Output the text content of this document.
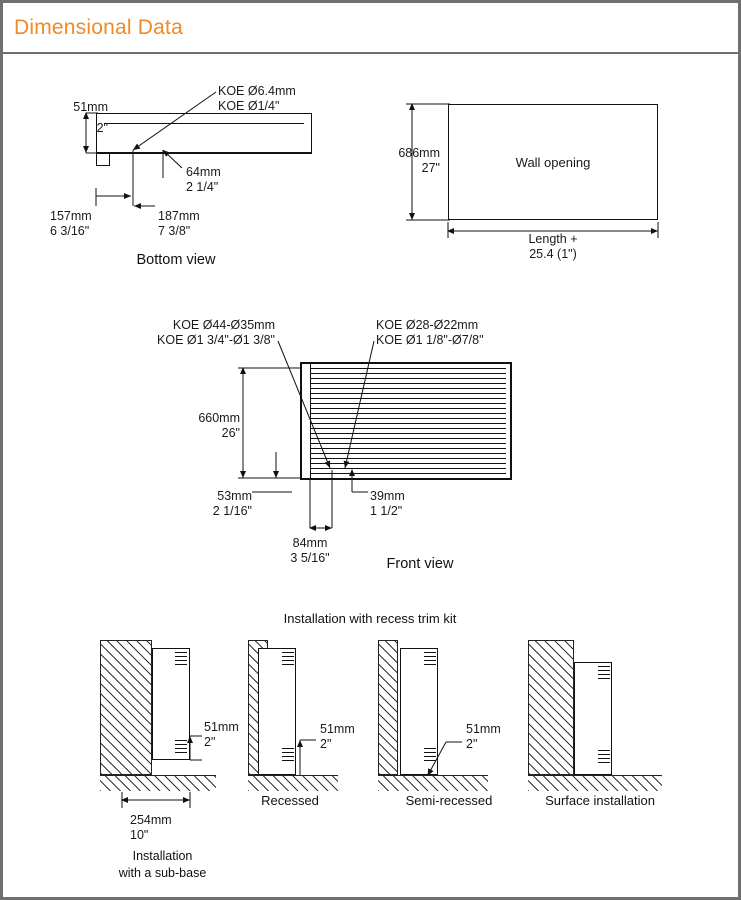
Dimensional Data
51mm
2"
KOE Ø6.4mm
KOE Ø1/4"
64mm
2 1/4"
157mm
6 3/16"
187mm
7 3/8"
Bottom view
Wall opening
686mm
27"
Length +
25.4 (1")
KOE Ø44-Ø35mm
KOE Ø1 3/4"-Ø1 3/8"
KOE Ø28-Ø22mm
KOE Ø1 1/8"-Ø7/8"
660mm
26"
53mm
2 1/16"
39mm
1 1/2"
84mm
3 5/16"	Front view
Installation with recess trim kit
51mm
2"
254mm
10"
Installation
with a sub-base
51mm
2"
Recessed
51mm
2"
Semi-recessed	Surface installation
